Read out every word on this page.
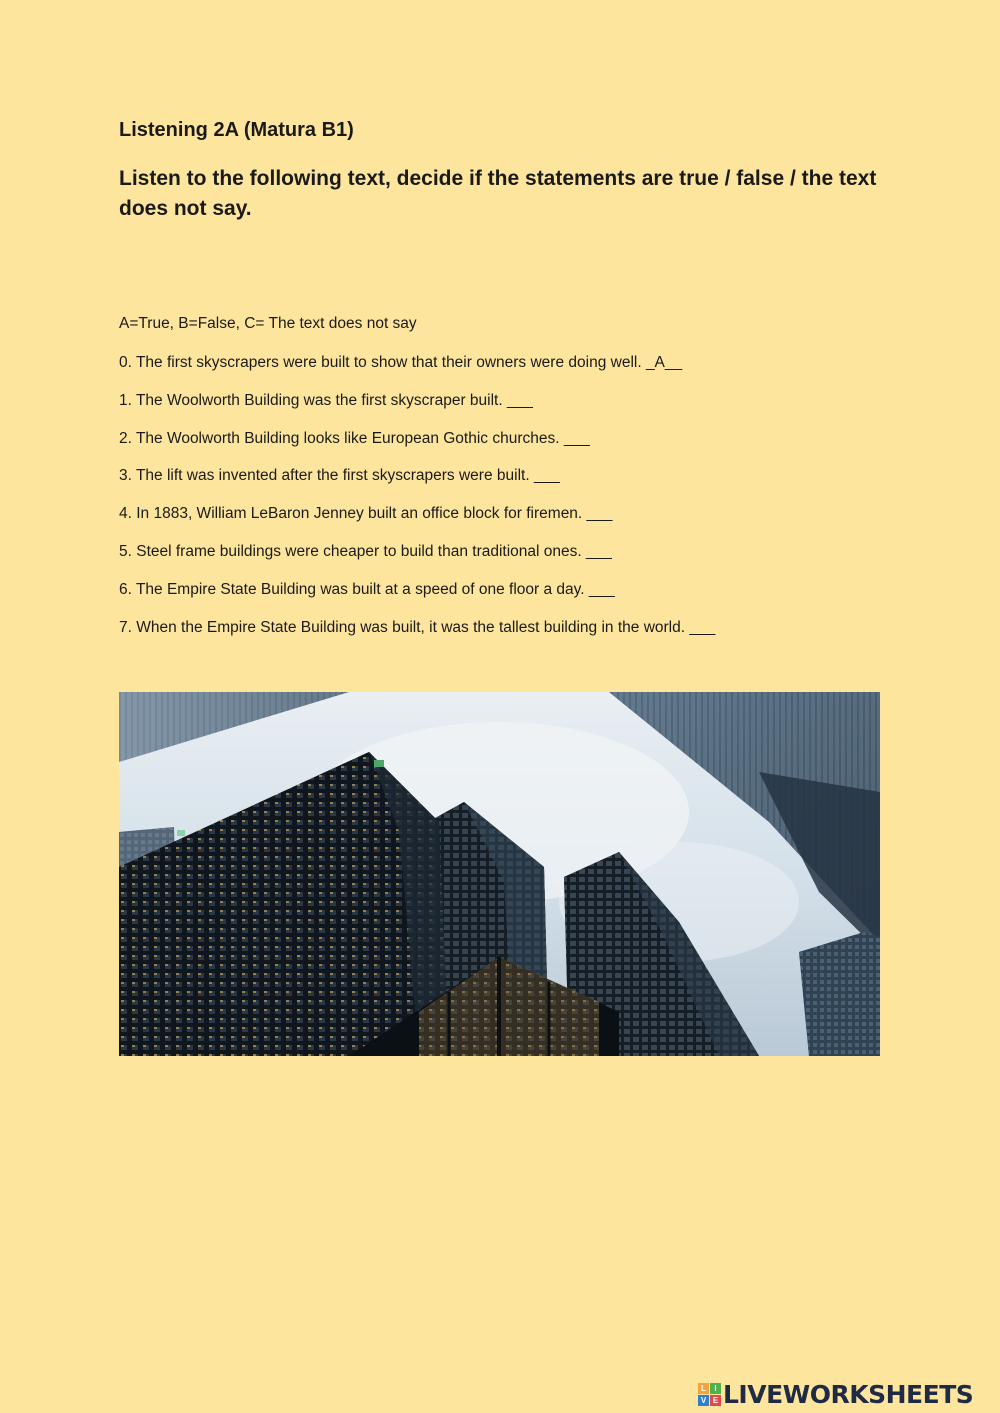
Listening 2A (Matura B1)

Listen to the following text, decide if the statements are true / false / the text does not say.

A=True, B=False, C= The text does not say

0. The first skyscrapers were built to show that their owners were doing well. _A__
1. The Woolworth Building was the first skyscraper built. ___
2. The Woolworth Building looks like European Gothic churches. ___
3. The lift was invented after the first skyscrapers were built. ___
4. In 1883, William LeBaron Jenney built an office block for firemen. ___
5. Steel frame buildings were cheaper to build than traditional ones. ___
6. The Empire State Building was built at a speed of one floor a day. ___
7. When the Empire State Building was built, it was the tallest building in the world. ___
L	I
V E LIVEWORKSHEETS
